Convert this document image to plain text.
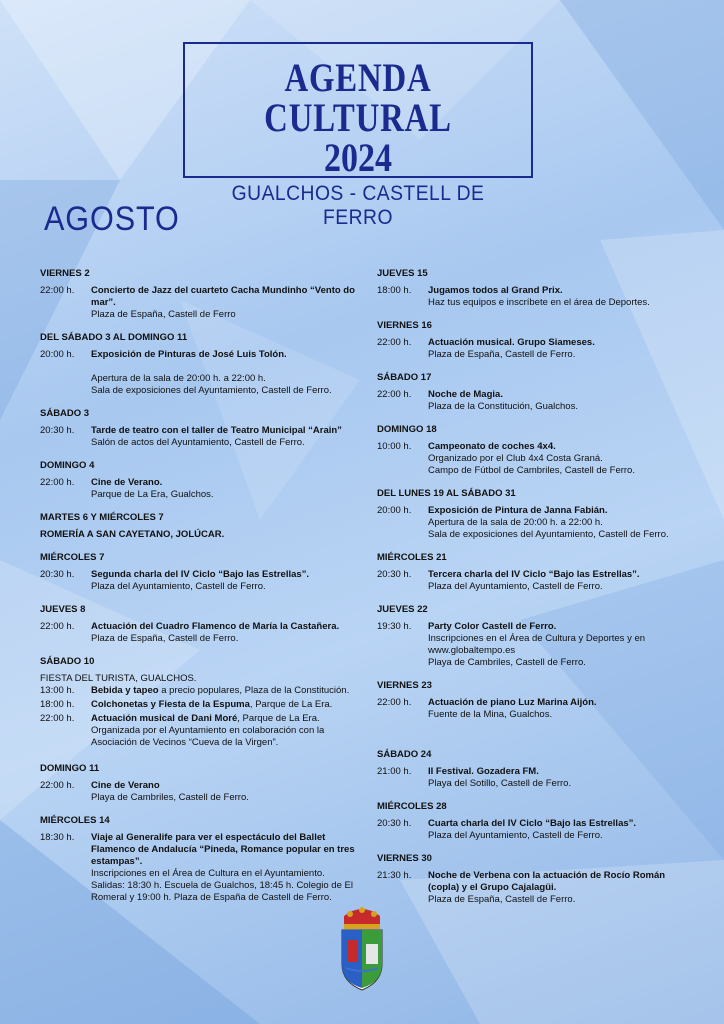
AGENDA CULTURAL
2024
GUALCHOS - CASTELL DE FERRO
AGOSTO
VIERNES 2
22:00 h.	Concierto de Jazz del cuarteto Cacha Mundinho “Vento do mar”.
Plaza de España, Castell de Ferro
DEL SÁBADO 3 AL DOMINGO 11
20:00 h.	Exposición de Pinturas de José Luis Tolón.

Apertura de la sala de 20:00 h. a 22:00 h.
Sala de exposiciones del Ayuntamiento, Castell de Ferro.
SÁBADO 3
20:30 h.	Tarde de teatro con el taller de Teatro Municipal “Arain”
Salón de actos del Ayuntamiento, Castell de Ferro.
DOMINGO 4
22:00 h.	Cine de Verano.
Parque de La Era, Gualchos.
MARTES 6 Y MIÉRCOLES 7
ROMERÍA A SAN CAYETANO, JOLÚCAR.
MIÉRCOLES 7
20:30 h.	Segunda charla del IV Ciclo “Bajo las Estrellas”.
Plaza del Ayuntamiento, Castell de Ferro.
JUEVES 8
22:00 h.	Actuación del Cuadro Flamenco de María la Castañera.
Plaza de España, Castell de Ferro.
SÁBADO 10
FIESTA DEL TURISTA, GUALCHOS.
13:00 h.	Bebida y tapeo a precio populares, Plaza de la Constitución.
18:00 h.	Colchonetas y Fiesta de la Espuma, Parque de La Era.
22:00 h.	Actuación musical de Dani Moré, Parque de La Era.
Organizada por el Ayuntamiento en colaboración con la Asociación de Vecinos “Cueva de la Virgen”.
DOMINGO 11
22:00 h.	Cine de Verano
Playa de Cambriles, Castell de Ferro.
MIÉRCOLES 14
18:30 h.	Viaje al Generalife para ver el espectáculo del Ballet Flamenco de Andalucía “Pineda, Romance popular en tres estampas”.
Inscripciones en el Área de Cultura en el Ayuntamiento.
Salidas: 18:30 h. Escuela de Gualchos, 18:45 h. Colegio de El Romeral y 19:00 h. Plaza de España de Castell de Ferro.
JUEVES 15
18:00 h.	Jugamos todos al Grand Prix.
Haz tus equipos e inscríbete en el área de Deportes.
VIERNES 16
22:00 h.	Actuación musical. Grupo Siameses.
Plaza de España, Castell de Ferro.
SÁBADO 17
22:00 h.	Noche de Magia.
Plaza de la Constitución, Gualchos.
DOMINGO 18
10:00 h.	Campeonato de coches 4x4.
Organizado por el Club 4x4 Costa Graná.
Campo de Fútbol de Cambriles, Castell de Ferro.
DEL LUNES 19 AL SÁBADO 31
20:00 h.	Exposición de Pintura de Janna Fabián.
Apertura de la sala de 20:00 h. a 22:00 h.
Sala de exposiciones del Ayuntamiento, Castell de Ferro.
MIÉRCOLES 21
20:30 h.	Tercera charla del IV Ciclo “Bajo las Estrellas”.
Plaza del Ayuntamiento, Castell de Ferro.
JUEVES 22
19:30 h.	Party Color Castell de Ferro.
Inscripciones en el Área de Cultura y Deportes y en www.globaltempo.es
Playa de Cambriles, Castell de Ferro.
VIERNES 23
22:00 h.	Actuación de piano Luz Marina Aijón.
Fuente de la Mina, Gualchos.
SÁBADO 24
21:00 h.	II Festival. Gozadera FM.
Playa del Sotillo, Castell de Ferro.
MIÉRCOLES 28
20:30 h.	Cuarta charla del IV Ciclo “Bajo las Estrellas”.
Plaza del Ayuntamiento, Castell de Ferro.
VIERNES 30
21:30 h.	Noche de Verbena con la actuación de Rocío Román (copla) y el Grupo Cajalagüi.
Plaza de España, Castell de Ferro.
